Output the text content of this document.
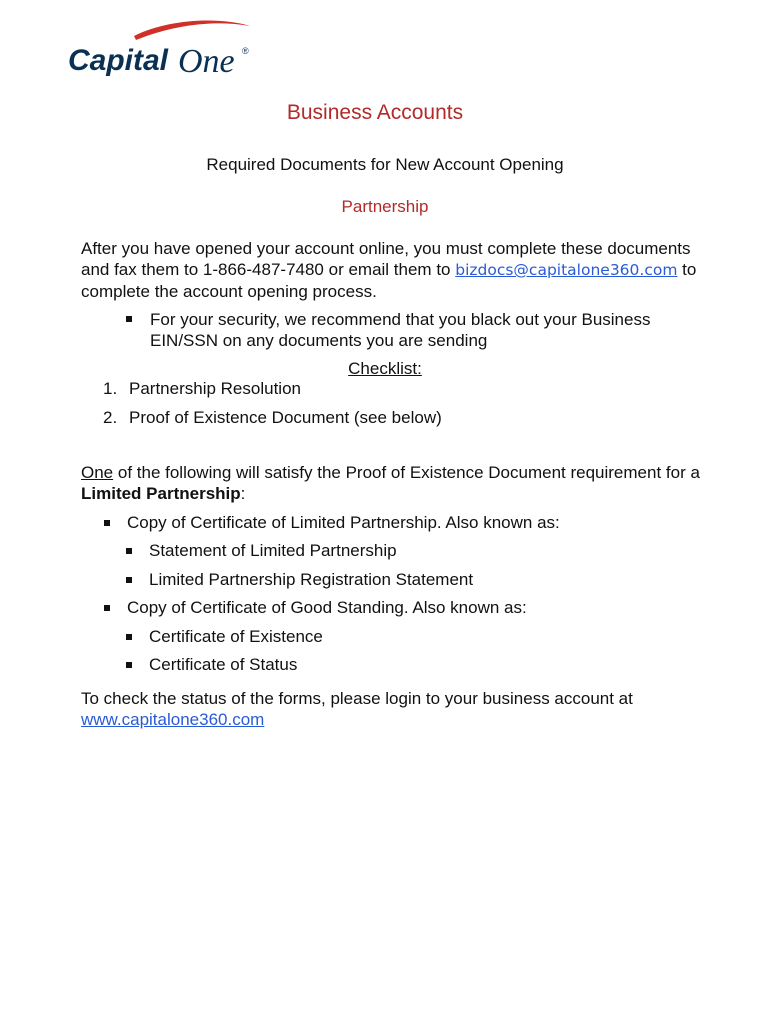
Capital One ®
Business Accounts
Required Documents for New Account Opening
Partnership
After you have opened your account online, you must complete these documents and fax them to 1-866-487-7480 or email them to bizdocs@capitalone360.com to complete the account opening process.
For your security, we recommend that you black out your Business EIN/SSN on any documents you are sending
Checklist:
1. Partnership Resolution
2. Proof of Existence Document (see below)
One of the following will satisfy the Proof of Existence Document requirement for a Limited Partnership:
Copy of Certificate of Limited Partnership. Also known as:
Statement of Limited Partnership
Limited Partnership Registration Statement
Copy of Certificate of Good Standing. Also known as:
Certificate of Existence
Certificate of Status
To check the status of the forms, please login to your business account at www.capitalone360.com
